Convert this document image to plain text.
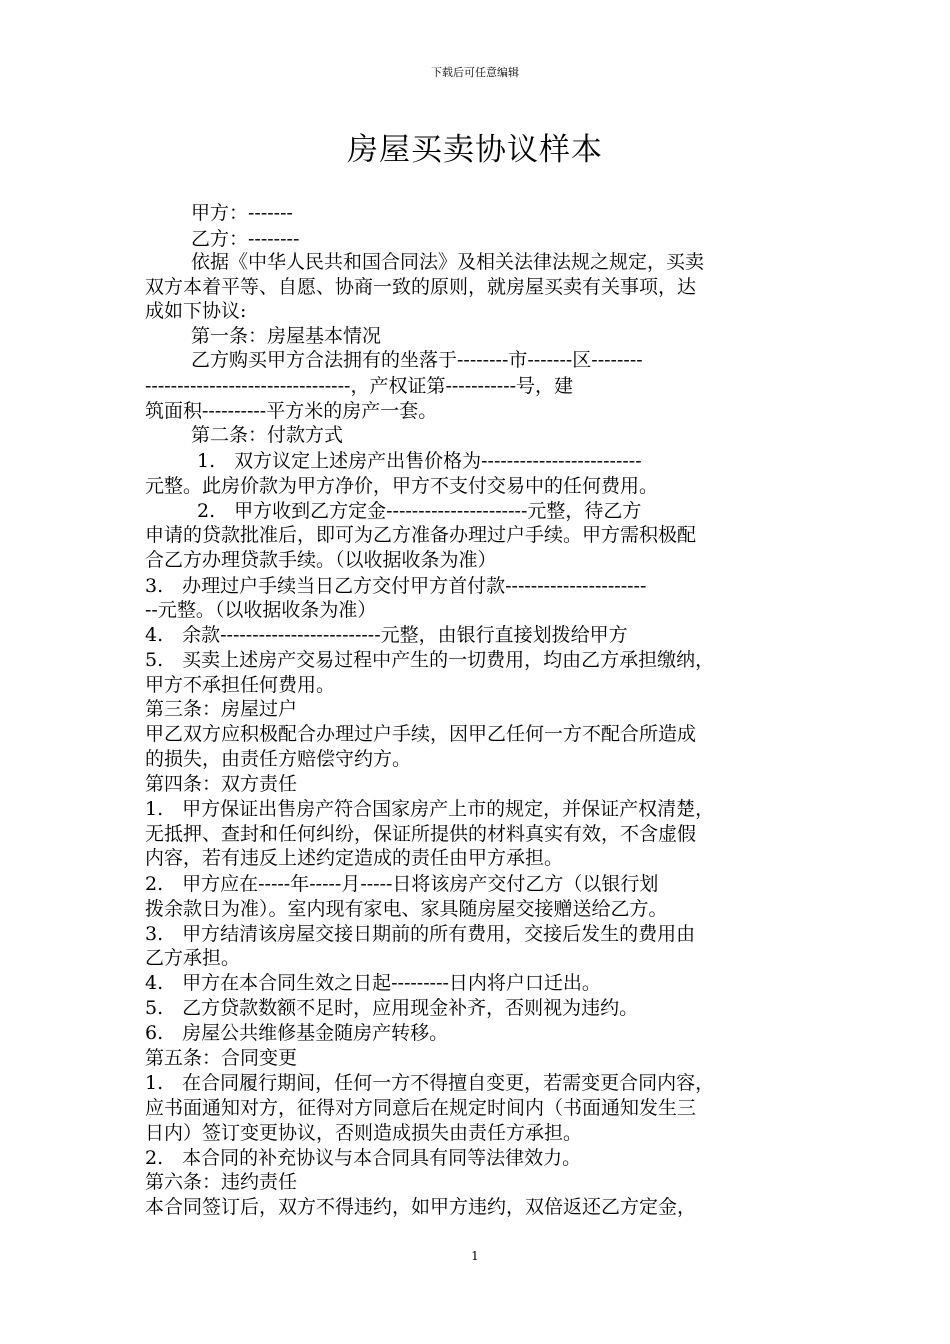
下载后可任意编辑
房屋买卖协议样本
甲方：-------
乙方：--------
依据《中华人民共和国合同法》及相关法律法规之规定，买卖
双方本着平等、自愿、协商一致的原则，就房屋买卖有关事项，达
成如下协议:
第一条：房屋基本情况
乙方购买甲方合法拥有的坐落于--------市-------区--------
--------------------------------，产权证第-----------号，建
筑面积----------平方米的房产一套。
第二条：付款方式
1.　双方议定上述房产出售价格为-------------------------
元整。此房价款为甲方净价，甲方不支付交易中的任何费用。
2.　甲方收到乙方定金----------------------元整，待乙方
申请的贷款批准后，即可为乙方准备办理过户手续。甲方需积极配
合乙方办理贷款手续。（以收据收条为准）
3.　办理过户手续当日乙方交付甲方首付款----------------------
--元整。（以收据收条为准）
4.　余款-------------------------元整，由银行直接划拨给甲方
5.　买卖上述房产交易过程中产生的一切费用，均由乙方承担缴纳，
甲方不承担任何费用。
第三条：房屋过户
甲乙双方应积极配合办理过户手续，因甲乙任何一方不配合所造成
的损失，由责任方赔偿守约方。
第四条：双方责任
1.　甲方保证出售房产符合国家房产上市的规定，并保证产权清楚，
无抵押、查封和任何纠纷，保证所提供的材料真实有效，不含虚假
内容，若有违反上述约定造成的责任由甲方承担。
2.　甲方应在-----年-----月-----日将该房产交付乙方（以银行划
拨余款日为准）。室内现有家电、家具随房屋交接赠送给乙方。
3.　甲方结清该房屋交接日期前的所有费用，交接后发生的费用由
乙方承担。
4.　甲方在本合同生效之日起---------日内将户口迁出。
5.　乙方贷款数额不足时，应用现金补齐，否则视为违约。
6.　房屋公共维修基金随房产转移。
第五条：合同变更
1.　在合同履行期间，任何一方不得擅自变更，若需变更合同内容，
应书面通知对方，征得对方同意后在规定时间内（书面通知发生三
日内）签订变更协议，否则造成损失由责任方承担。
2.　本合同的补充协议与本合同具有同等法律效力。
第六条：违约责任
本合同签订后，双方不得违约，如甲方违约，双倍返还乙方定金，
1
